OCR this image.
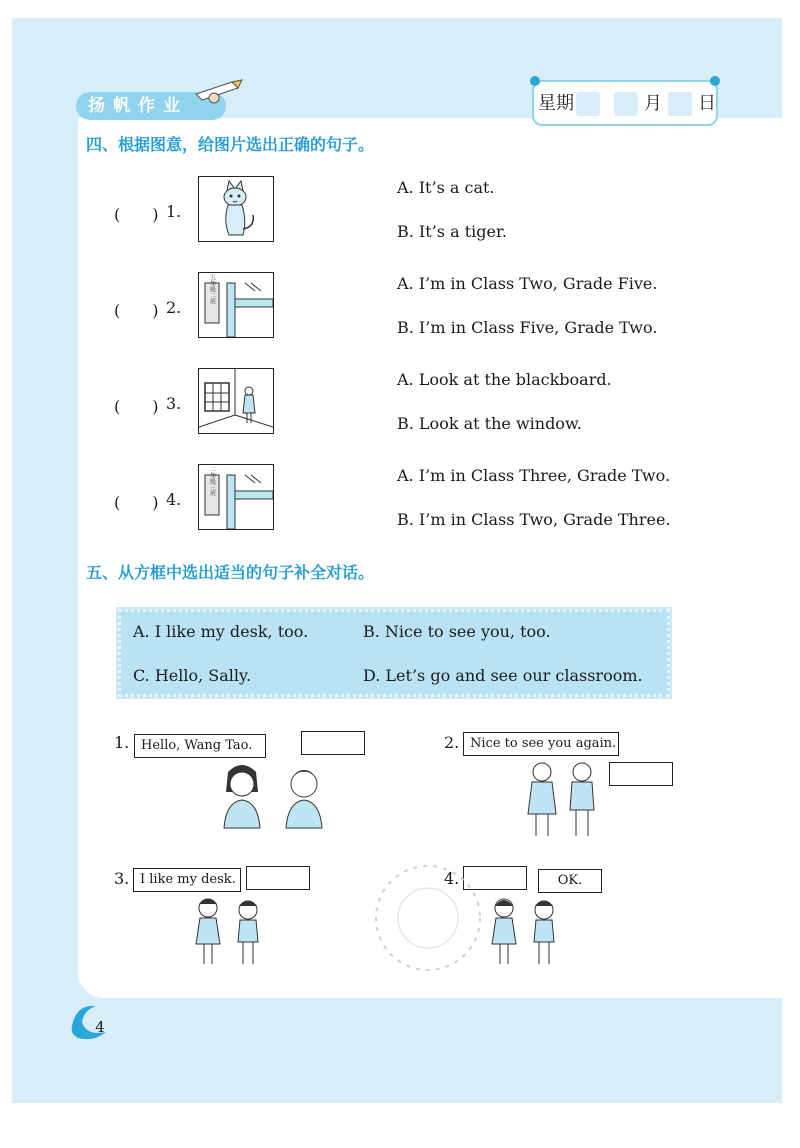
扬帆作业	星期	月 日
四、根据图意，给图片选出正确的句子。
(　　) 1.
A. It’s a cat.
B. It’s a tiger.
(　　) 2.
五年级二班	A. I’m in Class Two, Grade Five.
B. I’m in Class Five, Grade Two.
(　　) 3.
A. Look at the blackboard.
B. Look at the window.
(　　) 4.
二年级三班	A. I’m in Class Three, Grade Two.
B. I’m in Class Two, Grade Three.
五、从方框中选出适当的句子补全对话。
A. I like my desk, too.	B. Nice to see you, too.
C. Hello, Sally.	D. Let’s go and see our classroom.
1. Hello, Wang Tao.	2. Nice to see you again.
3. I like my desk.	4.	OK.
4
